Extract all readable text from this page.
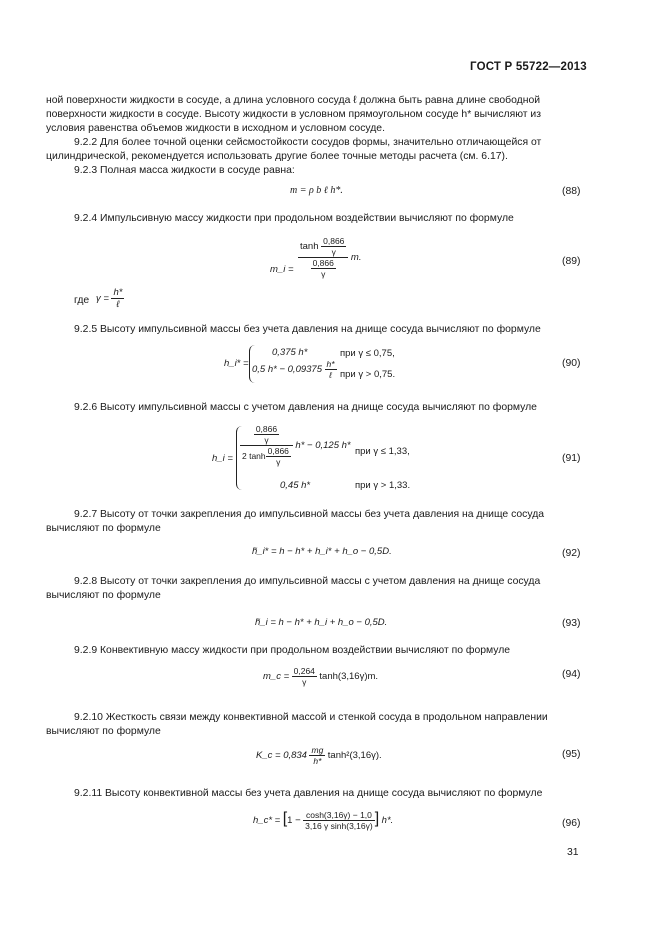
ГОСТ Р 55722—2013
ной поверхности жидкости в сосуде, а длина условного сосуда ℓ должна быть равна длине свободной
поверхности жидкости в сосуде. Высоту жидкости в условном прямоугольном сосуде h* вычисляют из
условия равенства объемов жидкости в исходном и условном сосуде.
9.2.2 Для более точной оценки сейсмостойкости сосудов формы, значительно отличающейся от
цилиндрической, рекомендуется использовать другие более точные методы расчета (см. 6.17).
9.2.3 Полная масса жидкости в сосуде равна:
m = ρ b ℓ h*.	(88)
9.2.4 Импульсивную массу жидкости при продольном воздействии вычисляют по формуле
m_i = $\frac{\tanh \frac{0,866}{\gamma}}{\frac{0,866}{\gamma}} m$.	(89)
где $\gamma = \frac{h*}{\text{ℓ}}$
9.2.5 Высоту импульсивной массы без учета давления на днище сосуда вычисляют по формуле
h_i* =
0,375 h*	при γ ≤ 0,75,
0,5 $h* - 0,09375 \frac{h*}{\text{ℓ}}$ при γ > 0,75.
(90)
9.2.6 Высоту импульсивной массы с учетом давления на днище сосуда вычисляют по формуле
h_i = $\frac{\frac{0,866}{\gamma}}{2 \tanh \frac{0,866}{\gamma}} h* - 0,125$ h*
при γ ≤ 1,33,
0,45 h*	при γ > 1,33.
(91)
9.2.7 Высоту от точки закрепления до импульсивной массы без учета давления на днище сосуда
вычисляют по формуле
h̃_i* = h − h* + h_i* + h_o − 0,5D.	(92)
9.2.8 Высоту от точки закрепления до импульсивной массы с учетом давления на днище сосуда
вычисляют по формуле
h̃_i = h − h* + h_i + h_o − 0,5D.	(93)
9.2.9 Конвективную массу жидкости при продольном воздействии вычисляют по формуле
m_c = $\frac{0,264}{\gamma} \tanh(3,16\gamma)m$.	(94)
9.2.10 Жесткость связи между конвективной массой и стенкой сосуда в продольном направлении
вычисляют по формуле
K_c = $0,834 \frac{mg}{h*} \tanh^2(3,16\gamma)$.	(95)
9.2.11 Высоту конвективной массы без учета давления на днище сосуда вычисляют по формуле
h_c* = [$1 - \frac{\cosh(3,16\gamma) - 1,0}{\text{3,16 γ sinh(3,16γ)}}$ ] h*.	(96)
31
